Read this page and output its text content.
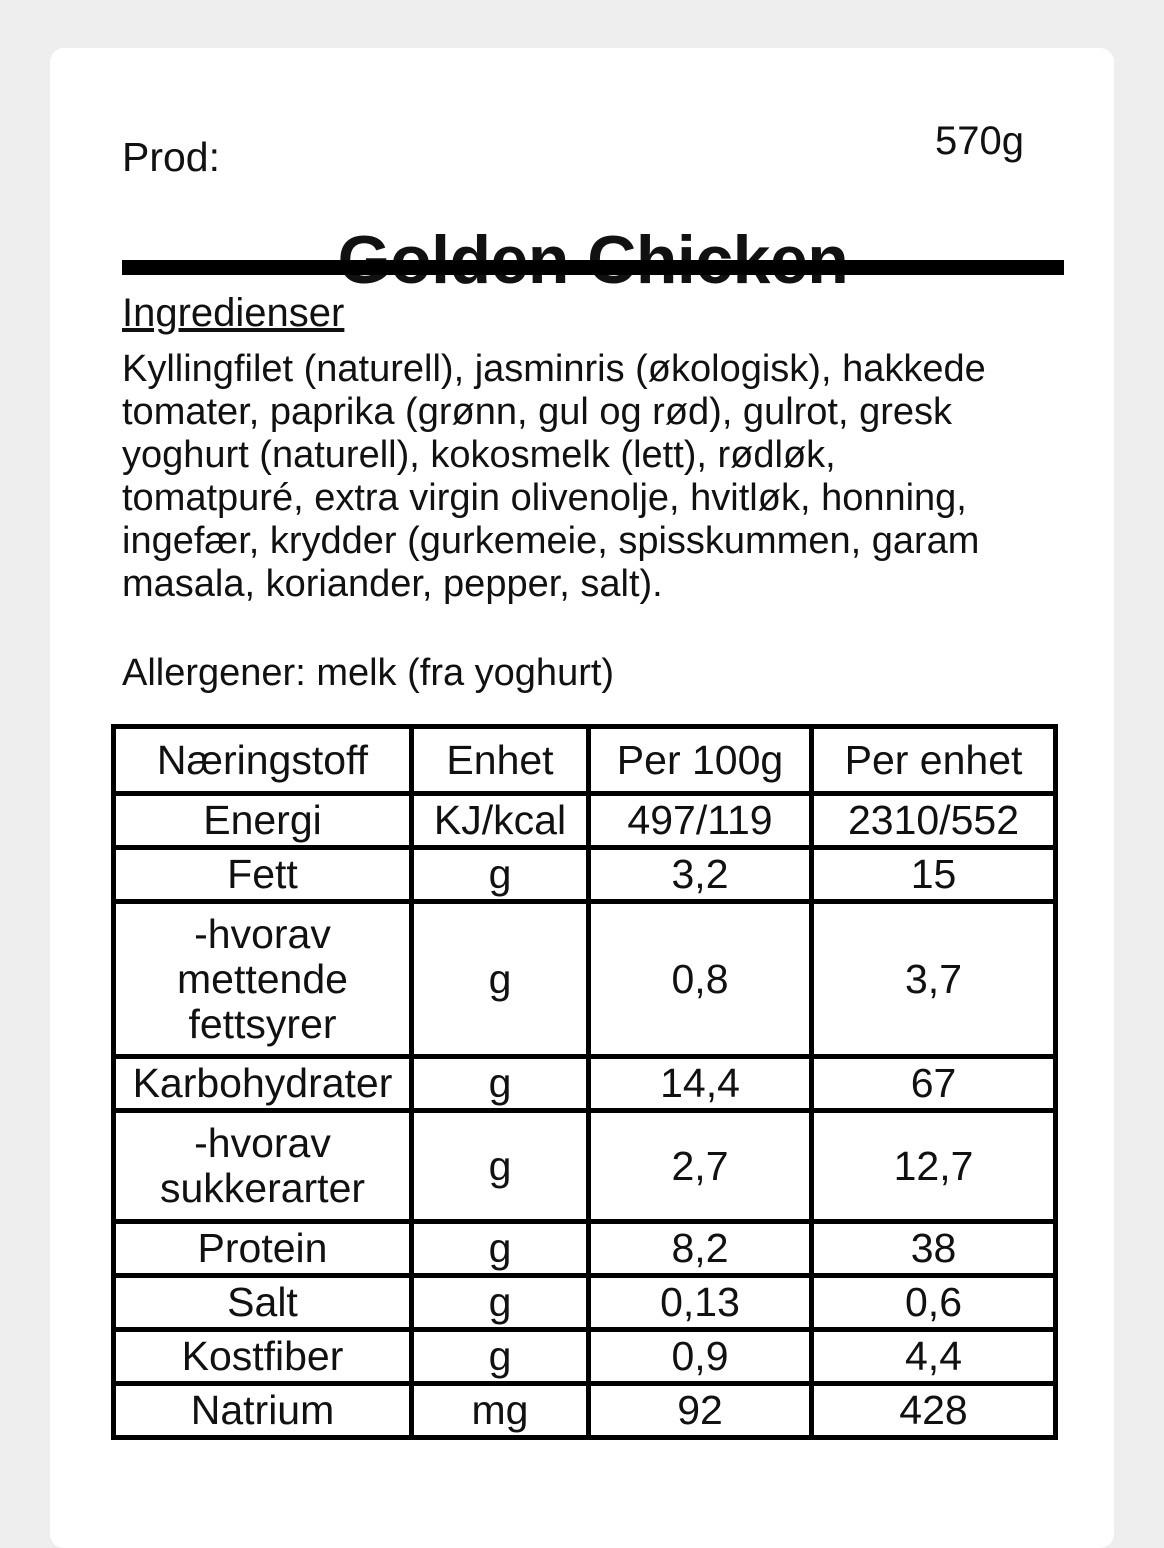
Prod:	570g
Ingredienser
Kyllingfilet (naturell), jasminris (økologisk), hakkede tomater, paprika (grønn, gul og rød), gulrot, gresk yoghurt (naturell), kokosmelk (lett), rødløk, tomatpuré, extra virgin olivenolje, hvitløk, honning, ingefær, krydder (gurkemeie, spisskummen, garam masala, koriander, pepper, salt).
Allergener: melk (fra yoghurt)
Næringstoff	Enhet	Per 100g	Per enhet
Energi	KJ/kcal	497/119	2310/552
Fett	g	3,2	15
-hvorav mettende fettsyrer	g	0,8	3,7
Karbohydrater	g	14,4	67
-hvorav sukkerarter	g	2,7	12,7
Protein	g	8,2	38
Salt	g	0,13	0,6
Kostfiber	g	0,9	4,4
Natrium	mg	92	428
